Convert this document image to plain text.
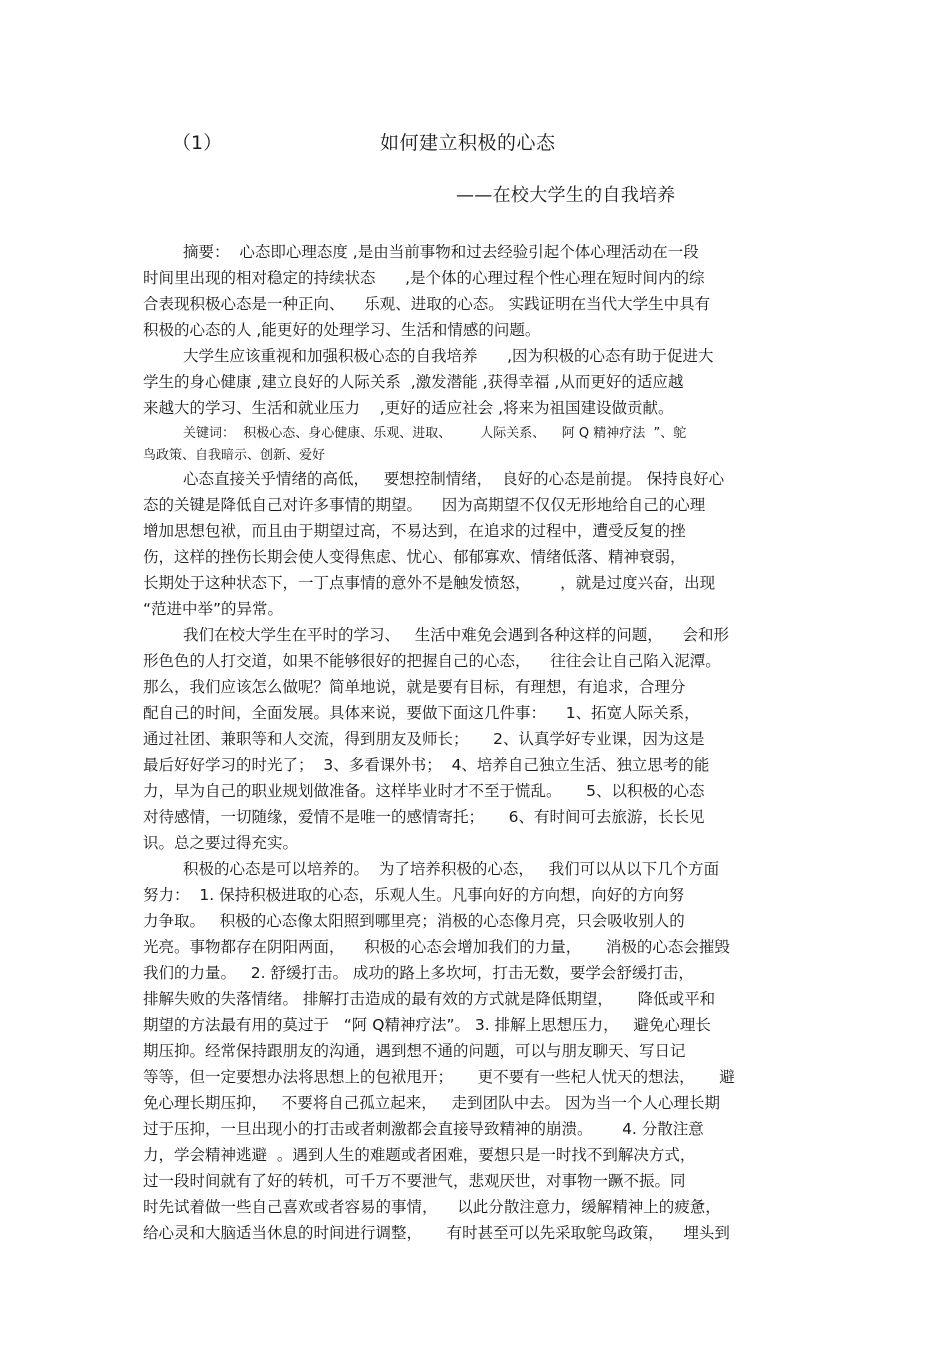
（1）	如何建立积极的心态
——在校大学生的自我培养
摘要：  心态即心理态度 ,是由当前事物和过去经验引起个体心理活动在一段
时间里出现的相对稳定的持续状态      ,是个体的心理过程个性心理在短时间内的综
合表现积极心态是一种正向、    乐观、进取的心态。 实践证明在当代大学生中具有
积极的心态的人 ,能更好的处理学习、生活和情感的问题。
大学生应该重视和加强积极心态的自我培养      ,因为积极的心态有助于促进大
学生的身心健康 ,建立良好的人际关系  ,激发潜能 ,获得幸福 ,从而更好的适应越
来越大的学习、生活和就业压力    ,更好的适应社会 ,将来为祖国建设做贡献。
关键词：  积极心态、身心健康、乐观、进取、       人际关系、    阿 Q 精神疗法  ”、鸵
鸟政策、自我暗示、创新、爱好
心态直接关乎情绪的高低，   要想控制情绪，  良好的心态是前提。 保持良好心
态的关键是降低自己对许多事情的期望。    因为高期望不仅仅无形地给自己的心理
增加思想包袱，而且由于期望过高，不易达到，在追求的过程中，遭受反复的挫
伤，这样的挫伤长期会使人变得焦虑、忧心、郁郁寡欢、情绪低落、精神衰弱，
长期处于这种状态下，一丁点事情的意外不是触发愤怒，      ，就是过度兴奋，出现
“范进中举”的异常。
我们在校大学生在平时的学习、   生活中难免会遇到各种这样的问题，    会和形
形色色的人打交道，如果不能够很好的把握自己的心态，    往往会让自己陷入泥潭。
那么，我们应该怎么做呢？简单地说，就是要有目标，有理想，有追求，合理分
配自己的时间，全面发展。具体来说，要做下面这几件事：    1、拓宽人际关系，
通过社团、兼职等和人交流，得到朋友及师长；     2、认真学好专业课，因为这是
最后好好学习的时光了；  3、多看课外书；  4、培养自己独立生活、独立思考的能
力，早为自己的职业规划做准备。这样毕业时才不至于慌乱。     5、以积极的心态
对待感情，一切随缘，爱情不是唯一的感情寄托；     6、有时间可去旅游，长长见
识。总之要过得充实。
积极的心态是可以培养的。  为了培养积极的心态，   我们可以从以下几个方面
努力：  1. 保持积极进取的心态，乐观人生。凡事向好的方向想，向好的方向努
力争取。   积极的心态像太阳照到哪里亮；消极的心态像月亮，只会吸收别人的
光亮。事物都存在阴阳两面，    积极的心态会增加我们的力量，     消极的心态会摧毁
我们的力量。   2. 舒缓打击。 成功的路上多坎坷，打击无数，要学会舒缓打击，
排解失败的失落情绪。 排解打击造成的最有效的方式就是降低期望，     降低或平和
期望的方法最有用的莫过于   “阿 Q精神疗法”。 3. 排解上思想压力，   避免心理长
期压抑。经常保持跟朋友的沟通，遇到想不通的问题，可以与朋友聊天、写日记
等等，但一定要想办法将思想上的包袱甩开；     更不要有一些杞人忧天的想法，     避
免心理长期压抑，   不要将自己孤立起来，   走到团队中去。 因为当一个人心理长期
过于压抑，一旦出现小的打击或者刺激都会直接导致精神的崩溃。      4. 分散注意
力，学会精神逃避  。遇到人生的难题或者困难，要想只是一时找不到解决方式，
过一段时间就有了好的转机，可千万不要泄气，悲观厌世，对事物一蹶不振。同
时先试着做一些自己喜欢或者容易的事情，    以此分散注意力，缓解精神上的疲惫，
给心灵和大脑适当休息的时间进行调整，     有时甚至可以先采取鸵鸟政策，    埋头到
